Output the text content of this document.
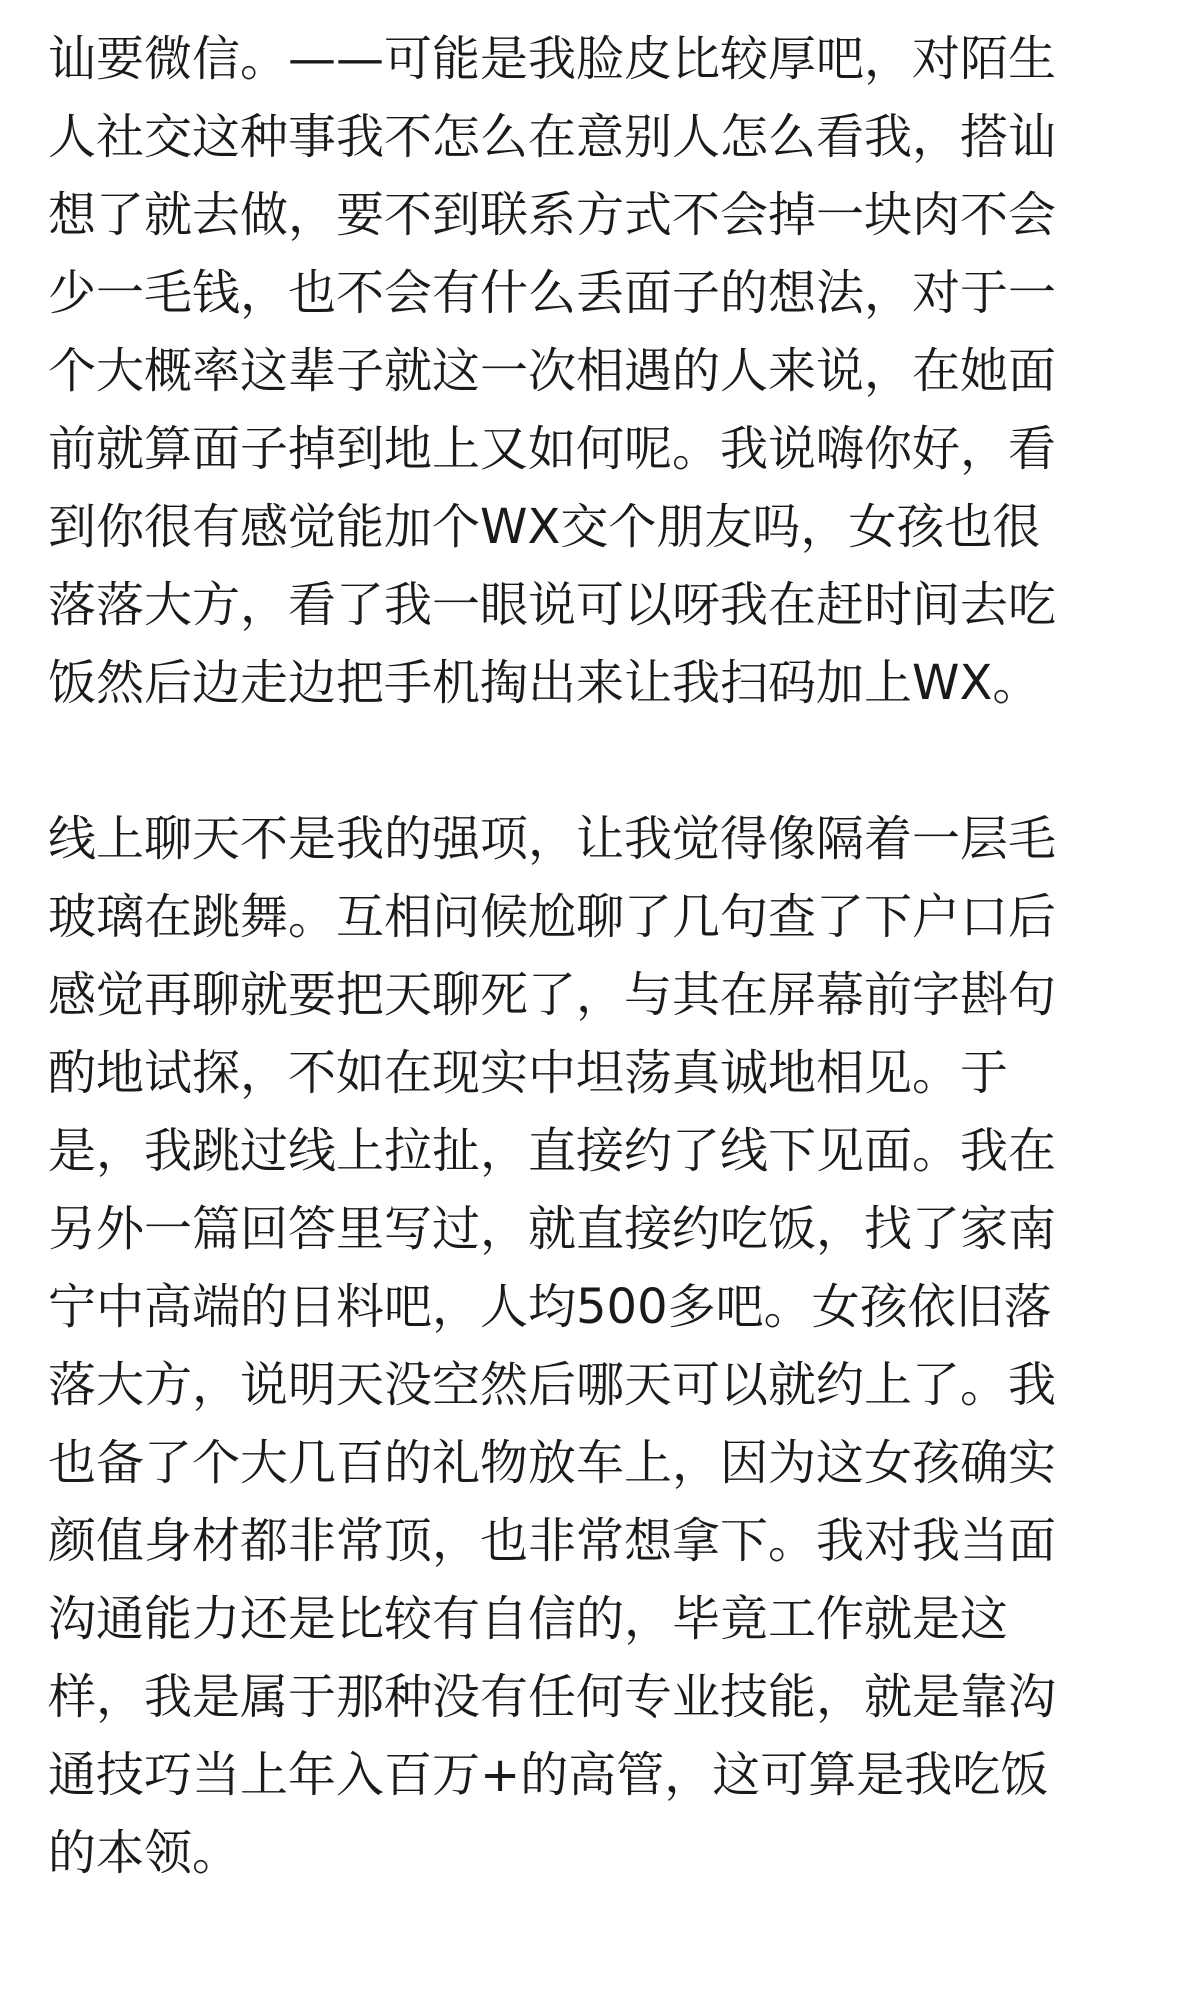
讪要微信。——可能是我脸皮比较厚吧，对陌生
人社交这种事我不怎么在意别人怎么看我，搭讪
想了就去做，要不到联系方式不会掉一块肉不会
少一毛钱，也不会有什么丢面子的想法，对于一
个大概率这辈子就这一次相遇的人来说，在她面
前就算面子掉到地上又如何呢。我说嗨你好，看
到你很有感觉能加个WX交个朋友吗，女孩也很
落落大方，看了我一眼说可以呀我在赶时间去吃
饭然后边走边把手机掏出来让我扫码加上WX。

线上聊天不是我的强项，让我觉得像隔着一层毛
玻璃在跳舞。互相问候尬聊了几句查了下户口后
感觉再聊就要把天聊死了，与其在屏幕前字斟句
酌地试探，不如在现实中坦荡真诚地相见。于
是，我跳过线上拉扯，直接约了线下见面。我在
另外一篇回答里写过，就直接约吃饭，找了家南
宁中高端的日料吧，人均500多吧。女孩依旧落
落大方，说明天没空然后哪天可以就约上了。我
也备了个大几百的礼物放车上，因为这女孩确实
颜值身材都非常顶，也非常想拿下。我对我当面
沟通能力还是比较有自信的，毕竟工作就是这
样，我是属于那种没有任何专业技能，就是靠沟
通技巧当上年入百万+的高管，这可算是我吃饭
的本领。
